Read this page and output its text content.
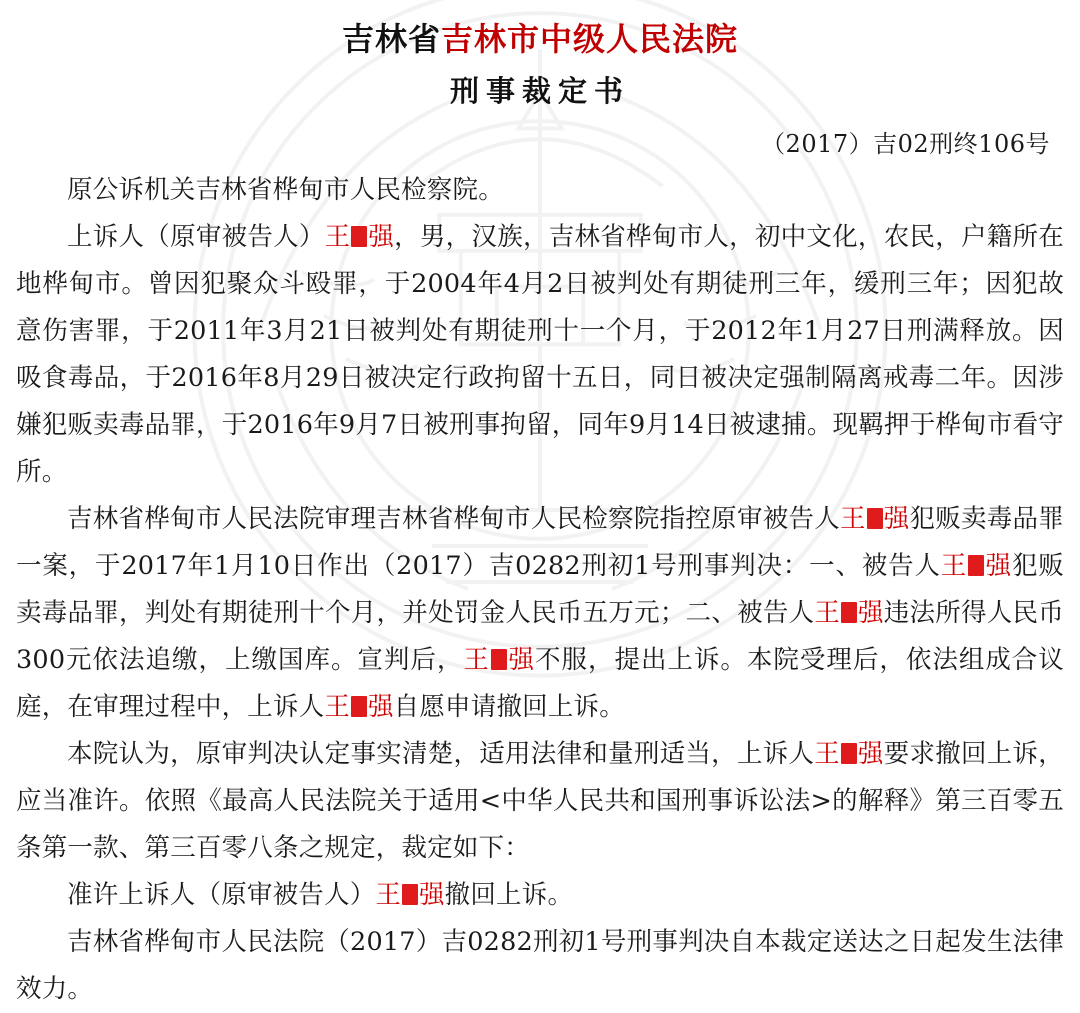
吉林省吉林市中级人民法院
刑事裁定书
（2017）吉02刑终106号

原公诉机关吉林省桦甸市人民检察院。

上诉人（原审被告人）王 强，男，汉族，吉林省桦甸市人，初中文化，农民，户籍所在地桦甸市。曾因犯聚众斗殴罪，于2004年4月2日被判处有期徒刑三年，缓刑三年；因犯故意伤害罪，于2011年3月21日被判处有期徒刑十一个月，于2012年1月27日刑满释放。因吸食毒品，于2016年8月29日被决定行政拘留十五日，同日被决定强制隔离戒毒二年。因涉嫌犯贩卖毒品罪，于2016年9月7日被刑事拘留，同年9月14日被逮捕。现羁押于桦甸市看守所。

吉林省桦甸市人民法院审理吉林省桦甸市人民检察院指控原审被告人王 强犯贩卖毒品罪一案，于2017年1月10日作出（2017）吉0282刑初1号刑事判决：一、被告人王 强犯贩卖毒品罪，判处有期徒刑十个月，并处罚金人民币五万元；二、被告人王 强违法所得人民币300元依法追缴，上缴国库。宣判后，王 强不服，提出上诉。本院受理后，依法组成合议庭，在审理过程中，上诉人王 强自愿申请撤回上诉。

本院认为，原审判决认定事实清楚，适用法律和量刑适当，上诉人王 强要求撤回上诉，应当准许。依照《最高人民法院关于适用<中华人民共和国刑事诉讼法>的解释》第三百零五条第一款、第三百零八条之规定，裁定如下：

准许上诉人（原审被告人）王 强撤回上诉。

吉林省桦甸市人民法院（2017）吉0282刑初1号刑事判决自本裁定送达之日起发生法律效力。
